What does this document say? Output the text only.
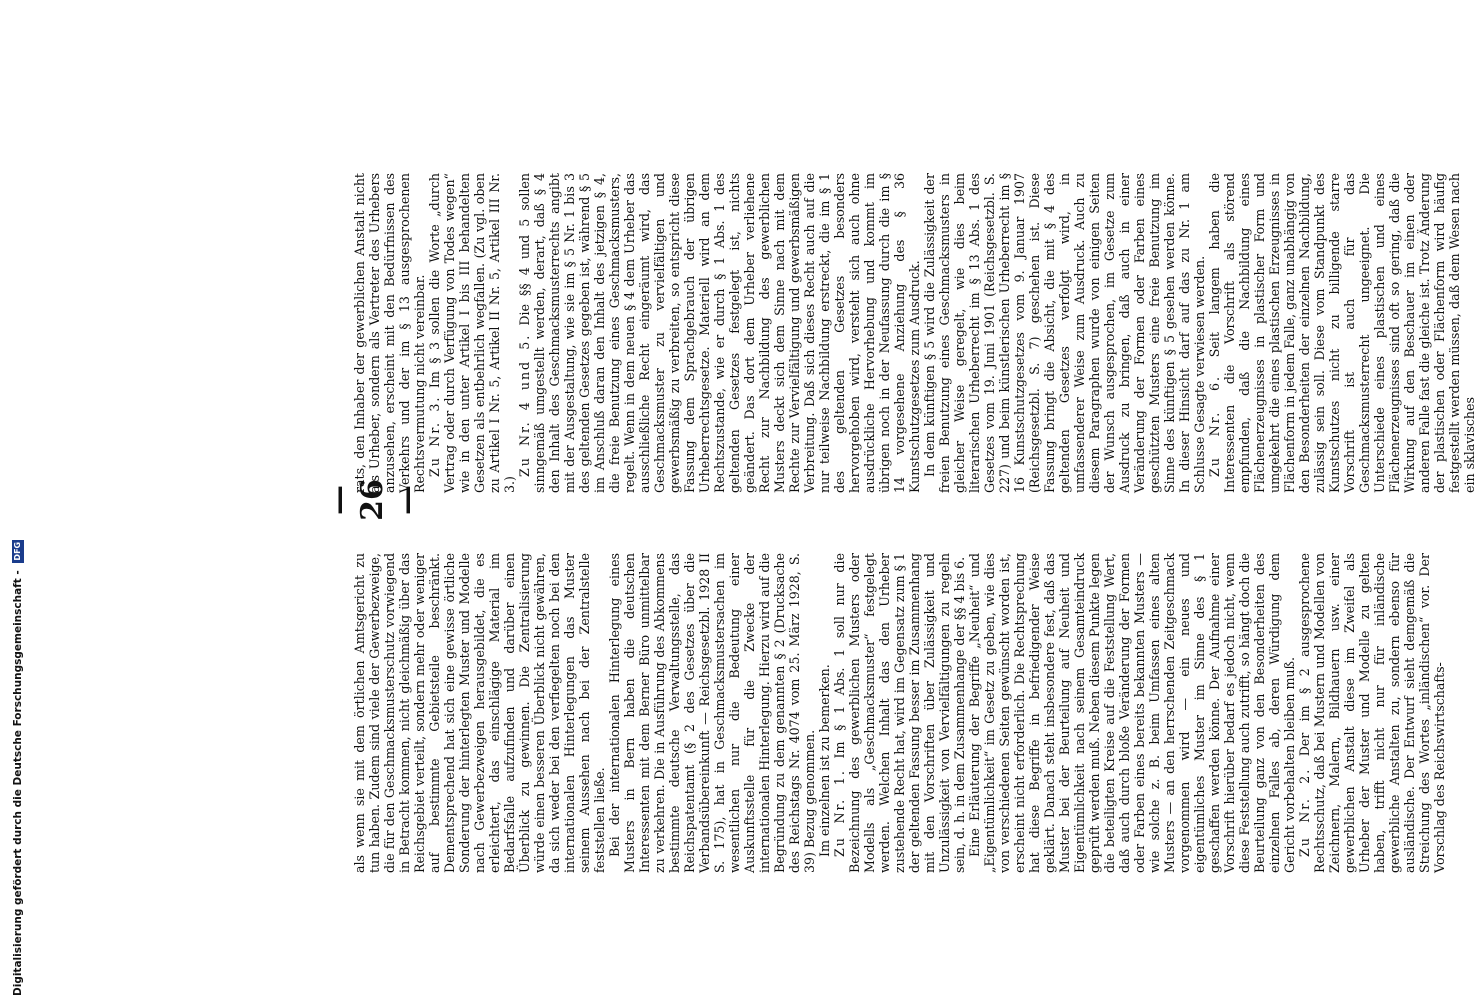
— 26 —

als wenn sie mit dem örtlichen Amtsgericht zu tun haben. Zudem sind viele der Gewerbezweige, die für den Geschmacksmusterschutz vorwiegend in Betracht kommen, nicht gleichmäßig über das Reichsgebiet verteilt, sondern mehr oder weniger auf bestimmte Gebietsteile beschränkt. Dementsprechend hat sich eine gewisse örtliche Sonderung der hinterlegten Muster und Modelle nach Gewerbezweigen herausgebildet, die es erleichtert, das einschlägige Material im Bedarfsfalle aufzufinden und darüber einen Überblick zu gewinnen. Die Zentralisierung würde einen besseren Überblick nicht gewähren, da sich weder bei den verfiegelten noch bei den internationalen Hinterlegungen das Muster seinem Aussehen nach bei der Zentralstelle feststellen ließe. Bei der internationalen Hinterlegung eines Musters in Bern haben die deutschen Interessenten mit dem Berner Büro unmittelbar zu verkehren. Die in Ausführung des Abkommens bestimmte deutsche Verwaltungsstelle, das Reichspatentamt (§ 2 des Gesetzes über die Verbandsübereinkunft — Reichsgesetzbl. 1928 II S. 175), hat in Geschmacksmustersachen im wesentlichen nur die Bedeutung einer Auskunftsstelle für die Zwecke der internationalen Hinterlegung. Hierzu wird auf die Begründung zu dem genannten § 2 (Drucksache des Reichstags Nr. 4074 vom 25. März 1928, S. 39) Bezug genommen. Im einzelnen ist zu bemerken. Zu Nr. 1. Im § 1 Abs. 1 soll nur die Bezeichnung des gewerblichen Musters oder Modells als „Geschmacksmuster“ festgelegt werden. Welchen Inhalt das den Urheber zustehende Recht hat, wird im Gegensatz zum § 1 der geltenden Fassung besser im Zusammenhang mit den Vorschriften über Zulässigkeit und Unzulässigkeit von Vervielfältigungen zu regeln sein, d. h. in dem Zusammenhange der §§ 4 bis 6. Eine Erläuterung der Begriffe „Neuheit“ und „Eigentümlichkeit“ im Gesetz zu geben, wie dies von verschiedenen Seiten gewünscht worden ist, erscheint nicht erforderlich. Die Rechtsprechung hat diese Begriffe in befriedigender Weise geklärt. Danach steht insbesondere fest, daß das Muster bei der Beurteilung auf Neuheit und Eigentümlichkeit nach seinem Gesamteindruck geprüft werden muß. Neben diesem Punkte legen die beteiligten Kreise auf die Feststellung Wert, daß auch durch bloße Veränderung der Formen oder Farben eines bereits bekannten Musters — wie solche z. B. beim Umfassen eines alten Musters — an den herrschenden Zeitgeschmack vorgenommen wird — ein neues und eigentümliches Muster im Sinne des § 1 geschaffen werden könne. Der Aufnahme einer Vorschrift hierüber bedarf es jedoch nicht, wenn diese Feststellung auch zutrifft, so hängt doch die Beurteilung ganz von den Besonderheiten des einzelnen Falles ab, deren Würdigung dem Gericht vorbehalten bleiben muß. Zu Nr. 2. Der im § 2 ausgesprochene Rechtsschutz, daß bei Mustern und Modellen von Zeichnern, Malern, Bildhauern usw. einer gewerblichen Anstalt diese im Zweifel als Urheber der Muster und Modelle zu gelten haben, trifft nicht nur für inländische gewerbliche Anstalten zu, sondern ebenso für ausländische. Der Entwurf sieht demgemäß die Streichung des Wortes „inländischen“ vor. Der Vorschlag des Reichswirtschafts-

rats, den Inhaber der gewerblichen Anstalt nicht als Urheber, sondern als Vertreter des Urhebers anzusehen, erscheint mit den Bedürfnissen des Verkehrs und der im § 13 ausgesprochenen Rechtsvermutung nicht vereinbar. Zu Nr. 3. Im § 3 sollen die Worte „durch Vertrag oder durch Verfügung von Todes wegen“ wie in den unter Artikel I bis III behandelten Gesetzen als entbehrlich wegfallen. (Zu vgl. oben zu Artikel I Nr. 5, Artikel II Nr. 5, Artikel III Nr. 3.)

Zu Nr. 4 und 5. Die §§ 4 und 5 sollen sinngemäß umgestellt werden, derart, daß § 4 den Inhalt des Geschmacksmusterrechts angibt mit der Ausgestaltung, wie sie im § 5 Nr. 1 bis 3 des geltenden Gesetzes gegeben ist, während § 5 im Anschluß daran den Inhalt des jetzigen § 4, die freie Benutzung eines Geschmacksmusters, regelt. Wenn in dem neuen § 4 dem Urheber das ausschließliche Recht eingeräumt wird, das Geschmacksmuster zu vervielfältigen und gewerbsmäßig zu verbreiten, so entspricht diese Fassung dem Sprachgebrauch der übrigen Urheberrechtsgesetze. Materiell wird an dem Rechtszustande, wie er durch § 1 Abs. 1 des geltenden Gesetzes festgelegt ist, nichts geändert. Das dort dem Urheber verliehene Recht zur Nachbildung des gewerblichen Musters deckt sich dem Sinne nach mit dem Rechte zur Vervielfältigung und gewerbsmäßigen Verbreitung. Daß sich dieses Recht auch auf die nur teilweise Nachbildung erstreckt, die im § 1 des geltenden Gesetzes besonders hervorgehoben wird, versteht sich auch ohne ausdrückliche Hervorhebung und kommt im übrigen noch in der Neufassung durch die im § 14 vorgesehene Anziehung des § 36 Kunstschutzgesetzes zum Ausdruck. In dem künftigen § 5 wird die Zulässigkeit der freien Benutzung eines Geschmacksmusters in gleicher Weise geregelt, wie dies beim literarischen Urheberrecht im § 13 Abs. 1 des Gesetzes vom 19. Juni 1901 (Reichsgesetzbl. S. 227) und beim künstlerischen Urheberrecht im § 16 Kunstschutzgesetzes vom 9. Januar 1907 (Reichsgesetzbl. S. 7) geschehen ist. Diese Fassung bringt die Absicht, die mit § 4 des geltenden Gesetzes verfolgt wird, in umfassenderer Weise zum Ausdruck. Auch zu diesem Paragraphen wurde von einigen Seiten der Wunsch ausgesprochen, im Gesetze zum Ausdruck zu bringen, daß auch in einer Veränderung der Formen oder Farben eines geschützten Musters eine freie Benutzung im Sinne des künftigen § 5 gesehen werden könne. In dieser Hinsicht darf auf das zu Nr. 1 am Schlusse Gesagte verwiesen werden. Zu Nr. 6. Seit langem haben die Interessenten die Vorschrift als störend empfunden, daß die Nachbildung eines Flächenerzeugnisses in plastischer Form und umgekehrt die eines plastischen Erzeugnisses in Flächenform in jedem Falle, ganz unabhängig von den Besonderheiten der einzelnen Nachbildung, zulässig sein soll. Diese vom Standpunkt des Kunstschutzes nicht zu billigende starre Vorschrift ist auch für das Geschmacksmusterrecht ungeeignet. Die Unterschiede eines plastischen und eines Flächenerzeugnisses sind oft so gering, daß die Wirkung auf den Beschauer im einen oder anderen Falle fast die gleiche ist. Trotz Änderung der plastischen oder Flächenform wird häufig festgestellt werden müssen, daß dem Wesen nach ein sklavisches

Digitalisierung gefördert durch die Deutsche Forschungsgemeinschaft - DFG
